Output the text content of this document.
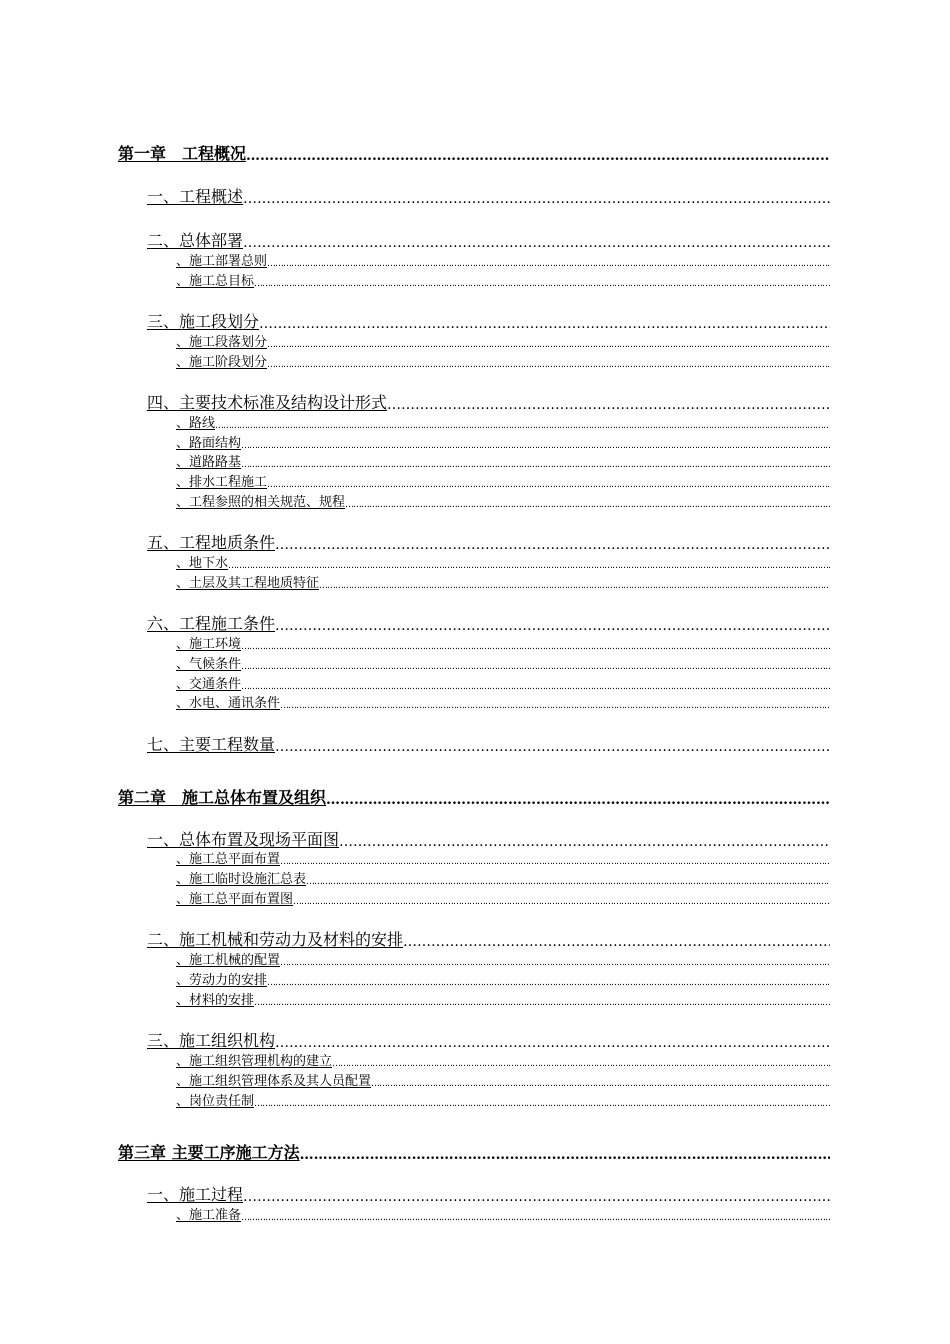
第一章　工程概况
…………………………………………………………………………………………………………………………………………………………………………………………………………………………………………………………………………………………………………………………………………………
一、工程概述
…………………………………………………………………………………………………………………………………………………………………………………………………………………………………………………………………………………………………………………………………………………
二、总体部署
…………………………………………………………………………………………………………………………………………………………………………………………………………………………………………………………………………………………………………………………………………………
、施工部署总则
…………………………………………………………………………………………………………………………………………………………………………………………………………………………………………………………………………………………………………………………………………………
、施工总目标
…………………………………………………………………………………………………………………………………………………………………………………………………………………………………………………………………………………………………………………………………………………
三、施工段划分
…………………………………………………………………………………………………………………………………………………………………………………………………………………………………………………………………………………………………………………………………………………
、施工段落划分
…………………………………………………………………………………………………………………………………………………………………………………………………………………………………………………………………………………………………………………………………………………
、施工阶段划分
…………………………………………………………………………………………………………………………………………………………………………………………………………………………………………………………………………………………………………………………………………………
四、主要技术标准及结构设计形式
…………………………………………………………………………………………………………………………………………………………………………………………………………………………………………………………………………………………………………………………………………………
、路线
…………………………………………………………………………………………………………………………………………………………………………………………………………………………………………………………………………………………………………………………………………………
、路面结构
…………………………………………………………………………………………………………………………………………………………………………………………………………………………………………………………………………………………………………………………………………………
、道路路基
…………………………………………………………………………………………………………………………………………………………………………………………………………………………………………………………………………………………………………………………………………………
、排水工程施工
…………………………………………………………………………………………………………………………………………………………………………………………………………………………………………………………………………………………………………………………………………………
、工程参照的相关规范、规程
…………………………………………………………………………………………………………………………………………………………………………………………………………………………………………………………………………………………………………………………………………………
五、工程地质条件
…………………………………………………………………………………………………………………………………………………………………………………………………………………………………………………………………………………………………………………………………………………
、地下水
…………………………………………………………………………………………………………………………………………………………………………………………………………………………………………………………………………………………………………………………………………………
、土层及其工程地质特征
…………………………………………………………………………………………………………………………………………………………………………………………………………………………………………………………………………………………………………………………………………………
六、工程施工条件
…………………………………………………………………………………………………………………………………………………………………………………………………………………………………………………………………………………………………………………………………………………
、施工环境
…………………………………………………………………………………………………………………………………………………………………………………………………………………………………………………………………………………………………………………………………………………
、气候条件
…………………………………………………………………………………………………………………………………………………………………………………………………………………………………………………………………………………………………………………………………………………
、交通条件
…………………………………………………………………………………………………………………………………………………………………………………………………………………………………………………………………………………………………………………………………………………
、水电、通讯条件
…………………………………………………………………………………………………………………………………………………………………………………………………………………………………………………………………………………………………………………………………………………
七、主要工程数量
…………………………………………………………………………………………………………………………………………………………………………………………………………………………………………………………………………………………………………………………………………………
第二章　施工总体布置及组织
…………………………………………………………………………………………………………………………………………………………………………………………………………………………………………………………………………………………………………………………………………………
一、总体布置及现场平面图
…………………………………………………………………………………………………………………………………………………………………………………………………………………………………………………………………………………………………………………………………………………
、施工总平面布置
…………………………………………………………………………………………………………………………………………………………………………………………………………………………………………………………………………………………………………………………………………………
、施工临时设施汇总表
…………………………………………………………………………………………………………………………………………………………………………………………………………………………………………………………………………………………………………………………………………………
、施工总平面布置图
…………………………………………………………………………………………………………………………………………………………………………………………………………………………………………………………………………………………………………………………………………………
二、施工机械和劳动力及材料的安排
…………………………………………………………………………………………………………………………………………………………………………………………………………………………………………………………………………………………………………………………………………………
、施工机械的配置
…………………………………………………………………………………………………………………………………………………………………………………………………………………………………………………………………………………………………………………………………………………
、劳动力的安排
…………………………………………………………………………………………………………………………………………………………………………………………………………………………………………………………………………………………………………………………………………………
、材料的安排
…………………………………………………………………………………………………………………………………………………………………………………………………………………………………………………………………………………………………………………………………………………
三、施工组织机构
…………………………………………………………………………………………………………………………………………………………………………………………………………………………………………………………………………………………………………………………………………………
、施工组织管理机构的建立
…………………………………………………………………………………………………………………………………………………………………………………………………………………………………………………………………………………………………………………………………………………
、施工组织管理体系及其人员配置
…………………………………………………………………………………………………………………………………………………………………………………………………………………………………………………………………………………………………………………………………………………
、岗位责任制
…………………………………………………………………………………………………………………………………………………………………………………………………………………………………………………………………………………………………………………………………………………
第三章 主要工序施工方法
…………………………………………………………………………………………………………………………………………………………………………………………………………………………………………………………………………………………………………………………………………………
一、施工过程
…………………………………………………………………………………………………………………………………………………………………………………………………………………………………………………………………………………………………………………………………………………
、施工准备
…………………………………………………………………………………………………………………………………………………………………………………………………………………………………………………………………………………………………………………………………………………
